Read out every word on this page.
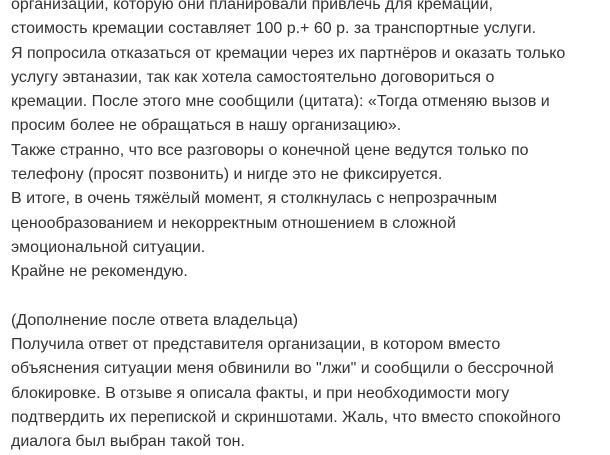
организации, которую они планировали привлечь для кремации,
стоимость кремации составляет 100 р.+ 60 р. за транспортные услуги.
Я попросила отказаться от кремации через их партнёров и оказать только
услугу эвтаназии, так как хотела самостоятельно договориться о
кремации. После этого мне сообщили (цитата): «Тогда отменяю вызов и
просим более не обращаться в нашу организацию».
Также странно, что все разговоры о конечной цене ведутся только по
телефону (просят позвонить) и нигде это не фиксируется.
В итоге, в очень тяжёлый момент, я столкнулась с непрозрачным
ценообразованием и некорректным отношением в сложной
эмоциональной ситуации.
Крайне не рекомендую.
(Дополнение после ответа владельца)
Получила ответ от представителя организации, в котором вместо
объяснения ситуации меня обвинили во "лжи" и сообщили о бессрочной
блокировке. В отзыве я описала факты, и при необходимости могу
подтвердить их перепиской и скриншотами. Жаль, что вместо спокойного
диалога был выбран такой тон.
